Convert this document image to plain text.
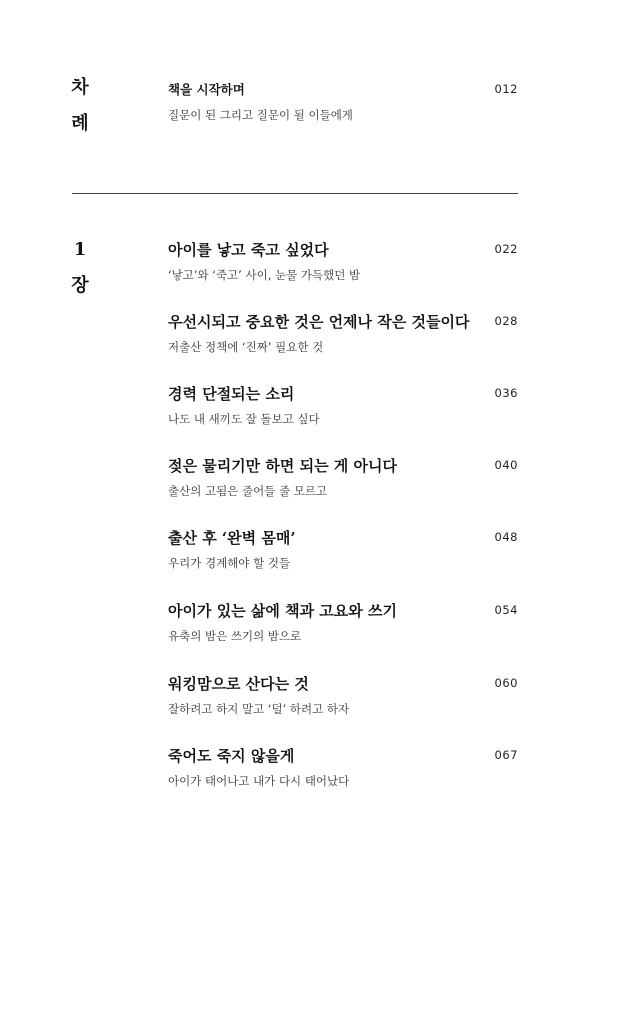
차
례
책을 시작하며
질문이 된 그리고 질문이 될 이들에게
012
1
장
아이를 낳고 죽고 싶었다
‘낳고’와 ‘죽고’ 사이, 눈물 가득했던 밤
022
우선시되고 중요한 것은 언제나 작은 것들이다
저출산 정책에 ‘진짜’ 필요한 것
028
경력 단절되는 소리
나도 내 새끼도 잘 돌보고 싶다
036
젖은 물리기만 하면 되는 게 아니다
출산의 고됨은 줄어들 줄 모르고
040
출산 후 ‘완벽 몸매’
우리가 경계해야 할 것들
048
아이가 있는 삶에 책과 고요와 쓰기
유축의 밤은 쓰기의 밤으로
054
워킹맘으로 산다는 것
잘하려고 하지 말고 ‘덜’ 하려고 하자
060
죽어도 죽지 않을게
아이가 태어나고 내가 다시 태어났다
067
